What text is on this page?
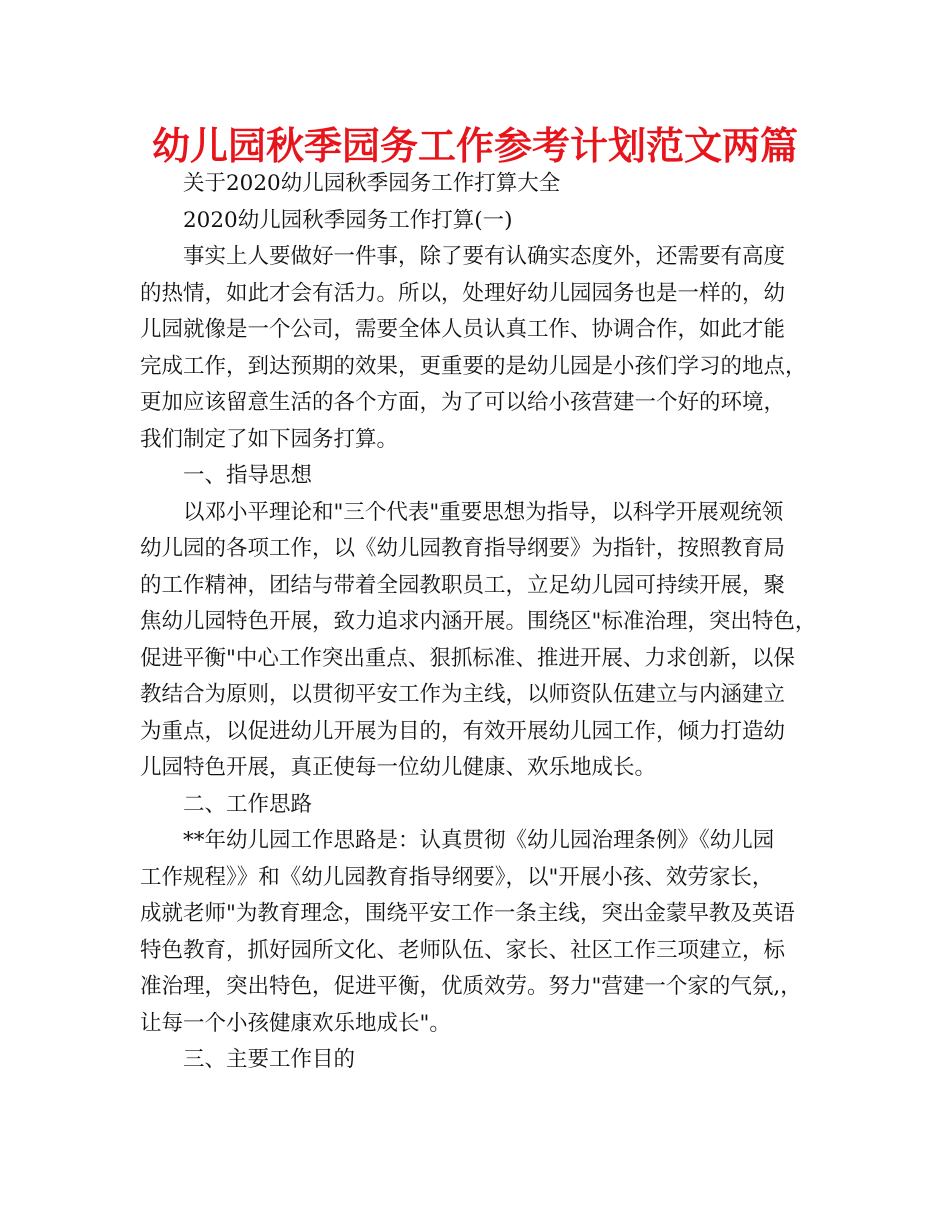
幼儿园秋季园务工作参考计划范文两篇
关于2020幼儿园秋季园务工作打算大全
2020幼儿园秋季园务工作打算(一)
事实上人要做好一件事，除了要有认确实态度外，还需要有高度
的热情，如此才会有活力。所以，处理好幼儿园园务也是一样的，幼
儿园就像是一个公司，需要全体人员认真工作、协调合作，如此才能
完成工作，到达预期的效果，更重要的是幼儿园是小孩们学习的地点，
更加应该留意生活的各个方面，为了可以给小孩营建一个好的环境，
我们制定了如下园务打算。
一、指导思想
以邓小平理论和"三个代表"重要思想为指导，以科学开展观统领
幼儿园的各项工作，以《幼儿园教育指导纲要》为指针，按照教育局
的工作精神，团结与带着全园教职员工，立足幼儿园可持续开展，聚
焦幼儿园特色开展，致力追求内涵开展。围绕区"标准治理，突出特色，
促进平衡"中心工作突出重点、狠抓标准、推进开展、力求创新，以保
教结合为原则，以贯彻平安工作为主线，以师资队伍建立与内涵建立
为重点，以促进幼儿开展为目的，有效开展幼儿园工作，倾力打造幼
儿园特色开展，真正使每一位幼儿健康、欢乐地成长。
二、工作思路
**年幼儿园工作思路是：认真贯彻《幼儿园治理条例》《幼儿园
工作规程》》和《幼儿园教育指导纲要》，以"开展小孩、效劳家长，
成就老师"为教育理念，围绕平安工作一条主线，突出金蒙早教及英语
特色教育，抓好园所文化、老师队伍、家长、社区工作三项建立，标
准治理，突出特色，促进平衡，优质效劳。努力"营建一个家的气氛,，
让每一个小孩健康欢乐地成长"。
三、主要工作目的
